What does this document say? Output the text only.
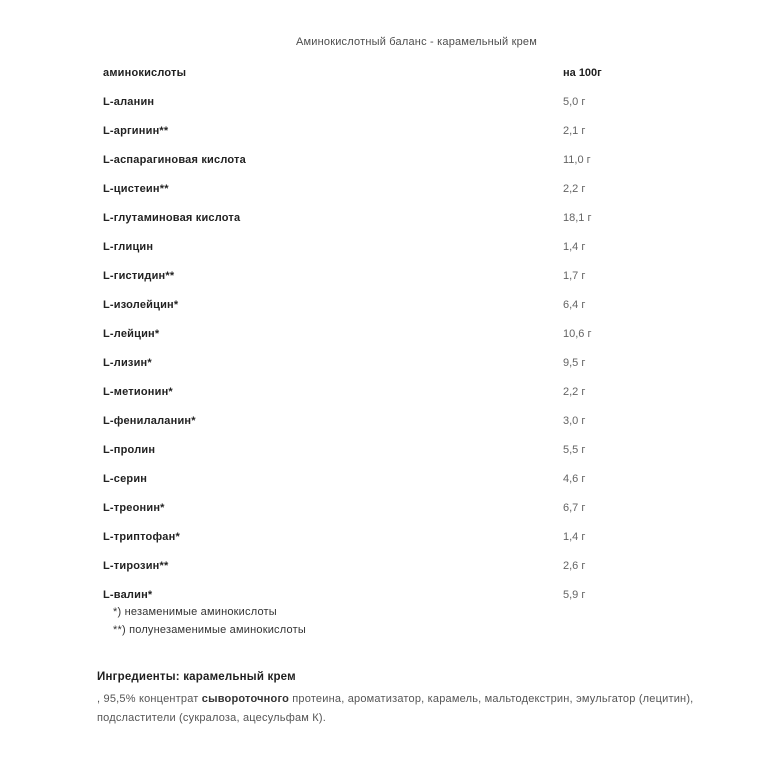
Аминокислотный баланс - карамельный крем
аминокислоты	на 100г
L-аланин	5,0 г
L-аргинин**	2,1 г
L-аспарагиновая кислота	11,0 г
L-цистеин**	2,2 г
L-глутаминовая кислота	18,1 г
L-глицин	1,4 г
L-гистидин**	1,7 г
L-изолейцин*	6,4 г
L-лейцин*	10,6 г
L-лизин*	9,5 г
L-метионин*	2,2 г
L-фенилаланин*	3,0 г
L-пролин	5,5 г
L-серин	4,6 г
L-треонин*	6,7 г
L-триптофан*	1,4 г
L-тирозин**	2,6 г
L-валин*	5,9 г
*) незаменимые аминокислоты
**) полунезаменимые аминокислоты
Ингредиенты: карамельный крем
, 95,5% концентрат сывороточного протеина, ароматизатор, карамель, мальтодекстрин, эмульгатор (лецитин), подсластители (сукралоза, ацесульфам К).
